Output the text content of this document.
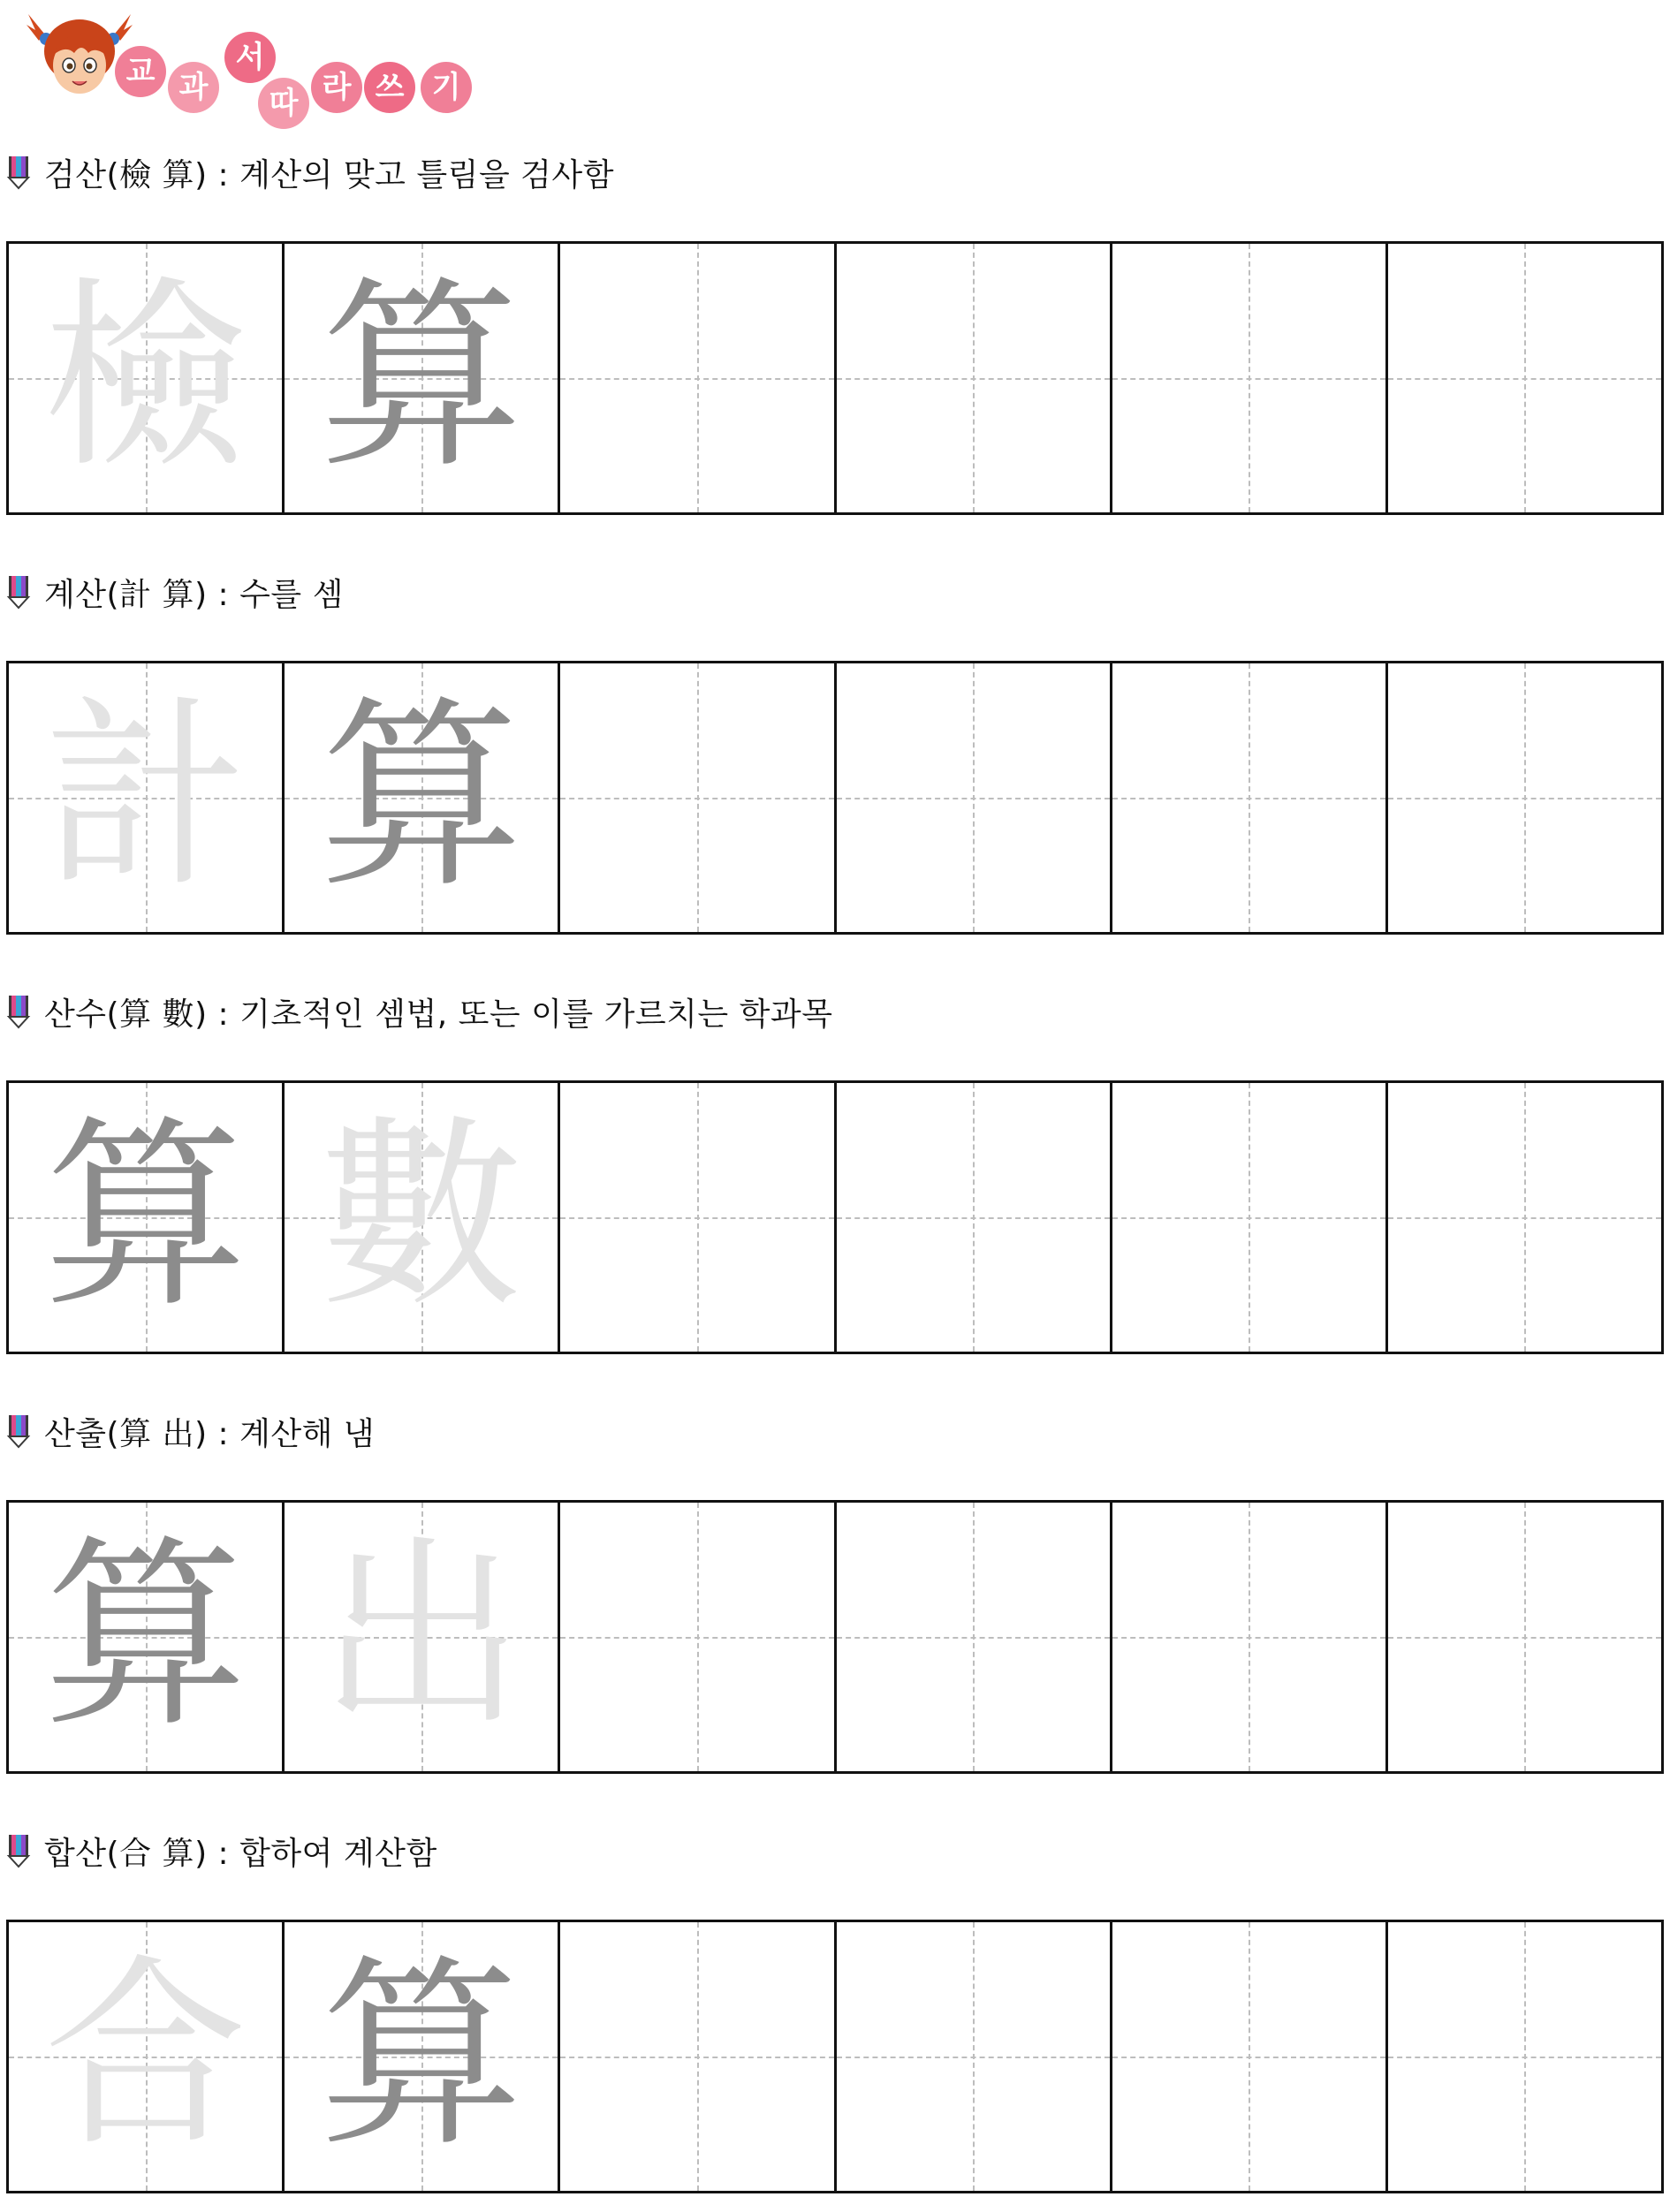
교 과
서
따 라 쓰 기
검산(檢 算) : 계산의 맞고 틀림을 검사함
檢 算
계산(計 算) : 수를 셈
計 算
산수(算 數) : 기초적인 셈법, 또는 이를 가르치는 학과목
算 數
산출(算 出) : 계산해 냄
算 出
합산(合 算) : 합하여 계산함
合 算
